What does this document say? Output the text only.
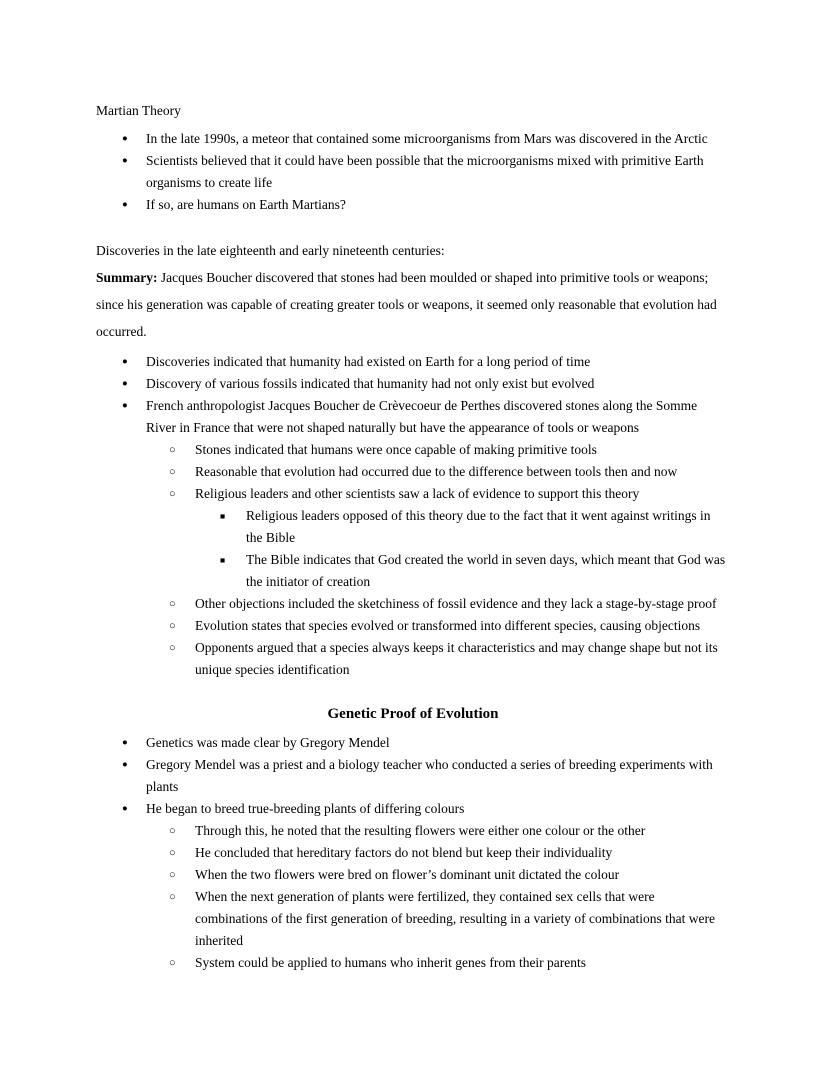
Martian Theory

● In the late 1990s, a meteor that contained some microorganisms from Mars was discovered in the Arctic
● Scientists believed that it could have been possible that the microorganisms mixed with primitive Earth organisms to create life
● If so, are humans on Earth Martians?

Discoveries in the late eighteenth and early nineteenth centuries:

Summary: Jacques Boucher discovered that stones had been moulded or shaped into primitive tools or weapons; since his generation was capable of creating greater tools or weapons, it seemed only reasonable that evolution had occurred.

● Discoveries indicated that humanity had existed on Earth for a long period of time
● Discovery of various fossils indicated that humanity had not only exist but evolved
● French anthropologist Jacques Boucher de Crèvecoeur de Perthes discovered stones along the Somme River in France that were not shaped naturally but have the appearance of tools or weapons
○ Stones indicated that humans were once capable of making primitive tools
○ Reasonable that evolution had occurred due to the difference between tools then and now
○ Religious leaders and other scientists saw a lack of evidence to support this theory
■ Religious leaders opposed of this theory due to the fact that it went against writings in the Bible
■ The Bible indicates that God created the world in seven days, which meant that God was the initiator of creation
○ Other objections included the sketchiness of fossil evidence and they lack a stage-by-stage proof
○ Evolution states that species evolved or transformed into different species, causing objections
○ Opponents argued that a species always keeps it characteristics and may change shape but not its unique species identification

Genetic Proof of Evolution

● Genetics was made clear by Gregory Mendel
● Gregory Mendel was a priest and a biology teacher who conducted a series of breeding experiments with plants
● He began to breed true-breeding plants of differing colours
○ Through this, he noted that the resulting flowers were either one colour or the other
○ He concluded that hereditary factors do not blend but keep their individuality
○ When the two flowers were bred on flower’s dominant unit dictated the colour
○ When the next generation of plants were fertilized, they contained sex cells that were combinations of the first generation of breeding, resulting in a variety of combinations that were inherited
○ System could be applied to humans who inherit genes from their parents
